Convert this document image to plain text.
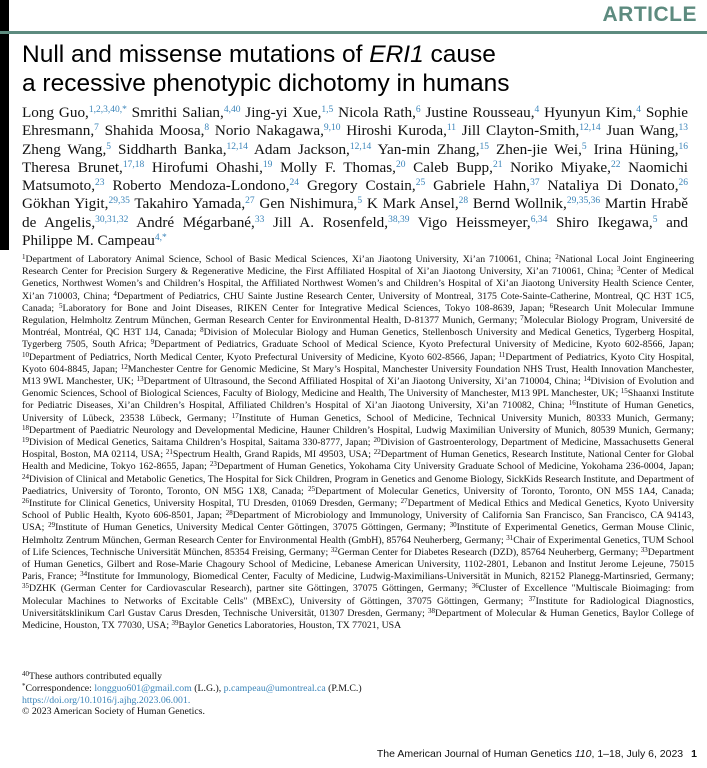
ARTICLE
Null and missense mutations of ERI1 cause
a recessive phenotypic dichotomy in humans
Long Guo,$^{1,2,3,40,*}$ Smrithi Salian,$^{4,40}$ Jing-yi Xue,$^{1,5}$ Nicola Rath,$^6$ Justine Rousseau,$^4$ Hyunyun Kim,$^4$ Sophie Ehresmann,$^7$ Shahida Moosa,$^8$ Norio Nakagawa,$^{9,10}$ Hiroshi Kuroda,$^{11}$ Jill Clayton-Smith,$^{12,14}$ Juan Wang,$^{13}$ Zheng Wang,$^5$ Siddharth Banka,$^{12,14}$ Adam Jackson,$^{12,14}$ Yan-min Zhang,$^{15}$ Zhen-jie Wei,$^5$ Irina Hüning,$^{16}$ Theresa Brunet,$^{17,18}$ Hirofumi Ohashi,$^{19}$ Molly F. Thomas,$^{20}$ Caleb Bupp,$^{21}$ Noriko Miyake,$^{22}$ Naomichi Matsumoto,$^{23}$ Roberto Mendoza-Londono,$^{24}$ Gregory Costain,$^{25}$ Gabriele Hahn,$^{37}$ Nataliya Di Donato,$^{26}$ Gökhan Yigit,$^{29,35}$ Takahiro Yamada,$^{27}$ Gen Nishimura,$^5$ K Mark Ansel,$^{28}$ Bernd Wollnik,$^{29,35,36}$ Martin Hrabě de Angelis,$^{30,31,32}$ André Mégarbané,$^{33}$ Jill A. Rosenfeld,$^{38,39}$ Vigo Heissmeyer,$^{6,34}$ Shiro Ikegawa,$^5$ and Philippe M. Campeau$^{4,*}$
$^1$Department of Laboratory Animal Science, School of Basic Medical Sciences, Xi’an Jiaotong University, Xi’an 710061, China; $^2$National Local Joint Engineering Research Center for Precision Surgery & Regenerative Medicine, the First Affiliated Hospital of Xi’an Jiaotong University, Xi’an 710061, China; $^3$Center of Medical Genetics, Northwest Women’s and Children’s Hospital, the Affiliated Northwest Women’s and Children’s Hospital of Xi’an Jiaotong University Health Science Center, Xi’an 710003, China; $^4$Department of Pediatrics, CHU Sainte Justine Research Center, University of Montreal, 3175 Cote-Sainte-Catherine, Montreal, QC H3T 1C5, Canada; $^5$Laboratory for Bone and Joint Diseases, RIKEN Center for Integrative Medical Sciences, Tokyo 108-8639, Japan; $^6$Research Unit Molecular Immune Regulation, Helmholtz Zentrum München, German Research Center for Environmental Health, D-81377 Munich, Germany; $^7$Molecular Biology Program, Université de Montréal, Montréal, QC H3T 1J4, Canada; $^8$Division of Molecular Biology and Human Genetics, Stellenbosch University and Medical Genetics, Tygerberg Hospital, Tygerberg 7505, South Africa; $^9$Department of Pediatrics, Graduate School of Medical Science, Kyoto Prefectural University of Medicine, Kyoto 602-8566, Japan; $^{10}$Department of Pediatrics, North Medical Center, Kyoto Prefectural University of Medicine, Kyoto 602-8566, Japan; $^{11}$Department of Pediatrics, Kyoto City Hospital, Kyoto 604-8845, Japan; $^{12}$Manchester Centre for Genomic Medicine, St Mary’s Hospital, Manchester University Foundation NHS Trust, Health Innovation Manchester, M13 9WL Manchester, UK; $^{13}$Department of Ultrasound, the Second Affiliated Hospital of Xi’an Jiaotong University, Xi’an 710004, China; $^{14}$Division of Evolution and Genomic Sciences, School of Biological Sciences, Faculty of Biology, Medicine and Health, The University of Manchester, M13 9PL Manchester, UK; $^{15}$Shaanxi Institute for Pediatric Diseases, Xi’an Children’s Hospital, Affiliated Children’s Hospital of Xi’an Jiaotong University, Xi’an 710082, China; $^{16}$Institute of Human Genetics, University of Lübeck, 23538 Lübeck, Germany; $^{17}$Institute of Human Genetics, School of Medicine, Technical University Munich, 80333 Munich, Germany; $^{18}$Department of Paediatric Neurology and Developmental Medicine, Hauner Children’s Hospital, Ludwig Maximilian University of Munich, 80539 Munich, Germany; $^{19}$Division of Medical Genetics, Saitama Children’s Hospital, Saitama 330-8777, Japan; $^{20}$Division of Gastroenterology, Department of Medicine, Massachusetts General Hospital, Boston, MA 02114, USA; $^{21}$Spectrum Health, Grand Rapids, MI 49503, USA; $^{22}$Department of Human Genetics, Research Institute, National Center for Global Health and Medicine, Tokyo 162-8655, Japan; $^{23}$Department of Human Genetics, Yokohama City University Graduate School of Medicine, Yokohama 236-0004, Japan; $^{24}$Division of Clinical and Metabolic Genetics, The Hospital for Sick Children, Program in Genetics and Genome Biology, SickKids Research Institute, and Department of Paediatrics, University of Toronto, Toronto, ON M5G 1X8, Canada; $^{25}$Department of Molecular Genetics, University of Toronto, Toronto, ON M5S 1A4, Canada; $^{26}$Institute for Clinical Genetics, University Hospital, TU Dresden, 01069 Dresden, Germany; $^{27}$Department of Medical Ethics and Medical Genetics, Kyoto University School of Public Health, Kyoto 606-8501, Japan; $^{28}$Department of Microbiology and Immunology, University of California San Francisco, San Francisco, CA 94143, USA; $^{29}$Institute of Human Genetics, University Medical Center Göttingen, 37075 Göttingen, Germany; $^{30}$Institute of Experimental Genetics, German Mouse Clinic, Helmholtz Zentrum München, German Research Center for Environmental Health (GmbH), 85764 Neuherberg, Germany; $^{31}$Chair of Experimental Genetics, TUM School of Life Sciences, Technische Universität München, 85354 Freising, Germany; $^{32}$German Center for Diabetes Research (DZD), 85764 Neuherberg, Germany; $^{33}$Department of Human Genetics, Gilbert and Rose-Marie Chagoury School of Medicine, Lebanese American University, 1102-2801, Lebanon and Institut Jerome Lejeune, 75015 Paris, France; $^{34}$Institute for Immunology, Biomedical Center, Faculty of Medicine, Ludwig-Maximilians-Universität in Munich, 82152 Planegg-Martinsried, Germany; $^{35}$DZHK (German Center for Cardiovascular Research), partner site Göttingen, 37075 Göttingen, Germany; $^{36}$Cluster of Excellence "Multiscale Bioimaging: from Molecular Machines to Networks of Excitable Cells" (MBExC), University of Göttingen, 37075 Göttingen, Germany; $^{37}$Institute for Radiological Diagnostics, Universitätsklinikum Carl Gustav Carus Dresden, Technische Universität, 01307 Dresden, Germany; $^{38}$Department of Molecular & Human Genetics, Baylor College of Medicine, Houston, TX 77030, USA; $^{39}$Baylor Genetics Laboratories, Houston, TX 77021, USA
$^{40}$These authors contributed equally
*Correspondence: longguo601@gmail.com (L.G.), p.campeau@umontreal.ca (P.M.C.)
https://doi.org/10.1016/j.ajhg.2023.06.001.
© 2023 American Society of Human Genetics.
The American Journal of Human Genetics 110, 1–18, July 6, 2023 1
